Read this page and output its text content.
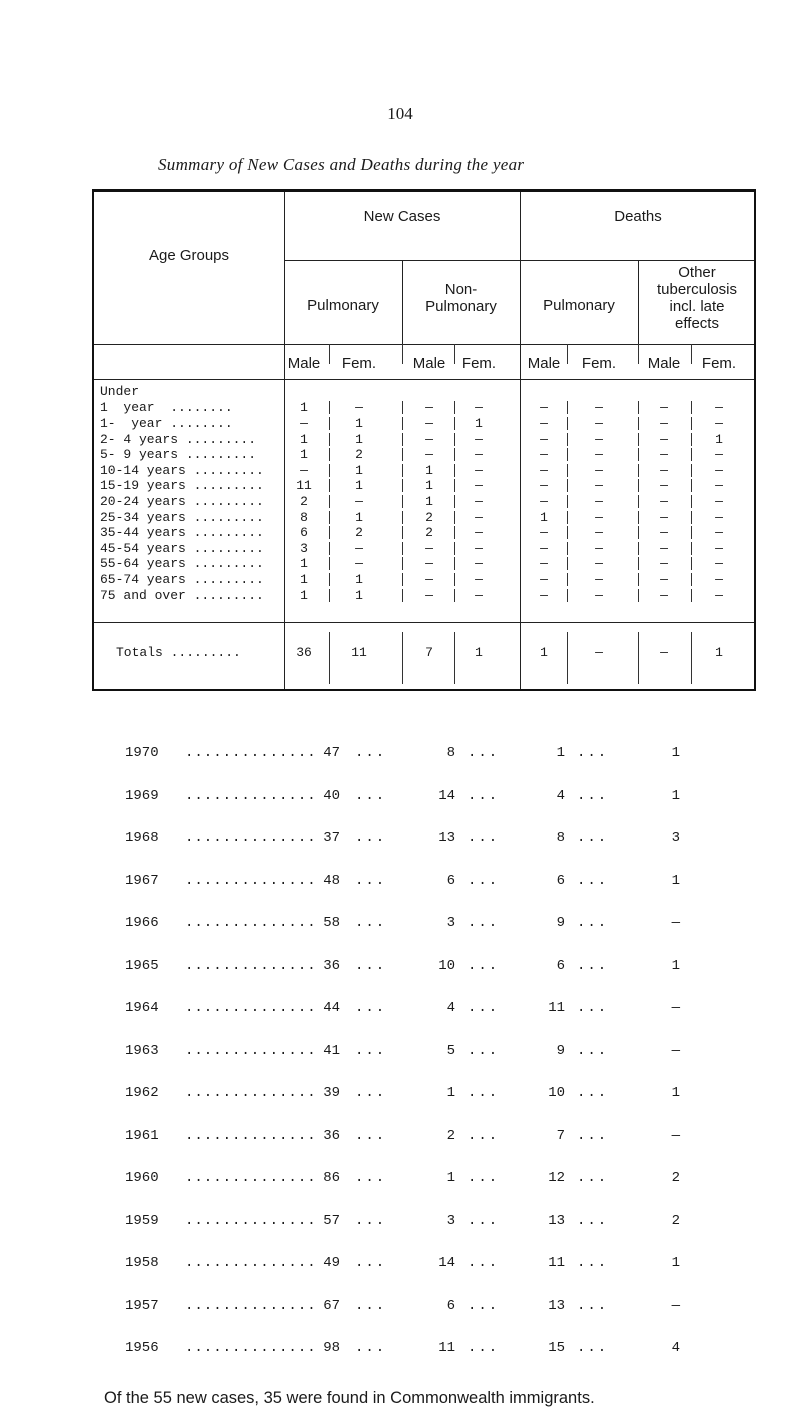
104
Summary of New Cases and Deaths during the year
Age Groups
New Cases	Deaths
Pulmonary
Non-
Pulmonary	Pulmonary
Other
tuberculosis
incl. late
effects
Male	Fem.	Male	Fem.	Male	Fem.	Male	Fem.
Under
1  year  ........	1	—	—	—	—	—	—	—
1-  year ........	—	1	—	1	—	—	—	—
2- 4 years .........	1	1	—	—	—	—	—	1
5- 9 years .........	1	2	—	—	—	—	—	—
10-14 years .........	—	1	1	—	—	—	—	—
15-19 years .........	11	1	1	—	—	—	—	—
20-24 years .........	2	—	1	—	—	—	—	—
25-34 years .........	8	1	2	—	1	—	—	—
35-44 years .........	6	2	2	—	—	—	—	—
45-54 years .........	3	—	—	—	—	—	—	—
55-64 years .........	1	—	—	—	—	—	—	—
65-74 years .........	1	1	—	—	—	—	—	—
75 and over .........	1	1	—	—	—	—	—	—
Totals .........	36	11	7	1	1	—	—	1
1970 .............. 47	8	1	1
...	...	...
1969 .............. 40	14	4	1
...	...	...
1968 .............. 37	13	8	3
...	...	...
1967 .............. 48	6	6	1
...	...	...
1966 .............. 58	3	9	—
...	...	...
1965 .............. 36	10	6	1
...	...	...
1964 .............. 44	4	11	—
...	...	...
1963 .............. 41	5	9	—
...	...	...
1962 .............. 39	1	10	1
...	...	...
1961 .............. 36	2	7	—
...	...	...
1960 .............. 86	1	12	2
...	...	...
1959 .............. 57	3	13	2
...	...	...
1958 .............. 49	14	11	1
...	...	...
1957 .............. 67	6	13	—
...	...	...
1956 .............. 98	11	15	4
...	...	...
Of the 55 new cases, 35 were found in Commonwealth immigrants.
